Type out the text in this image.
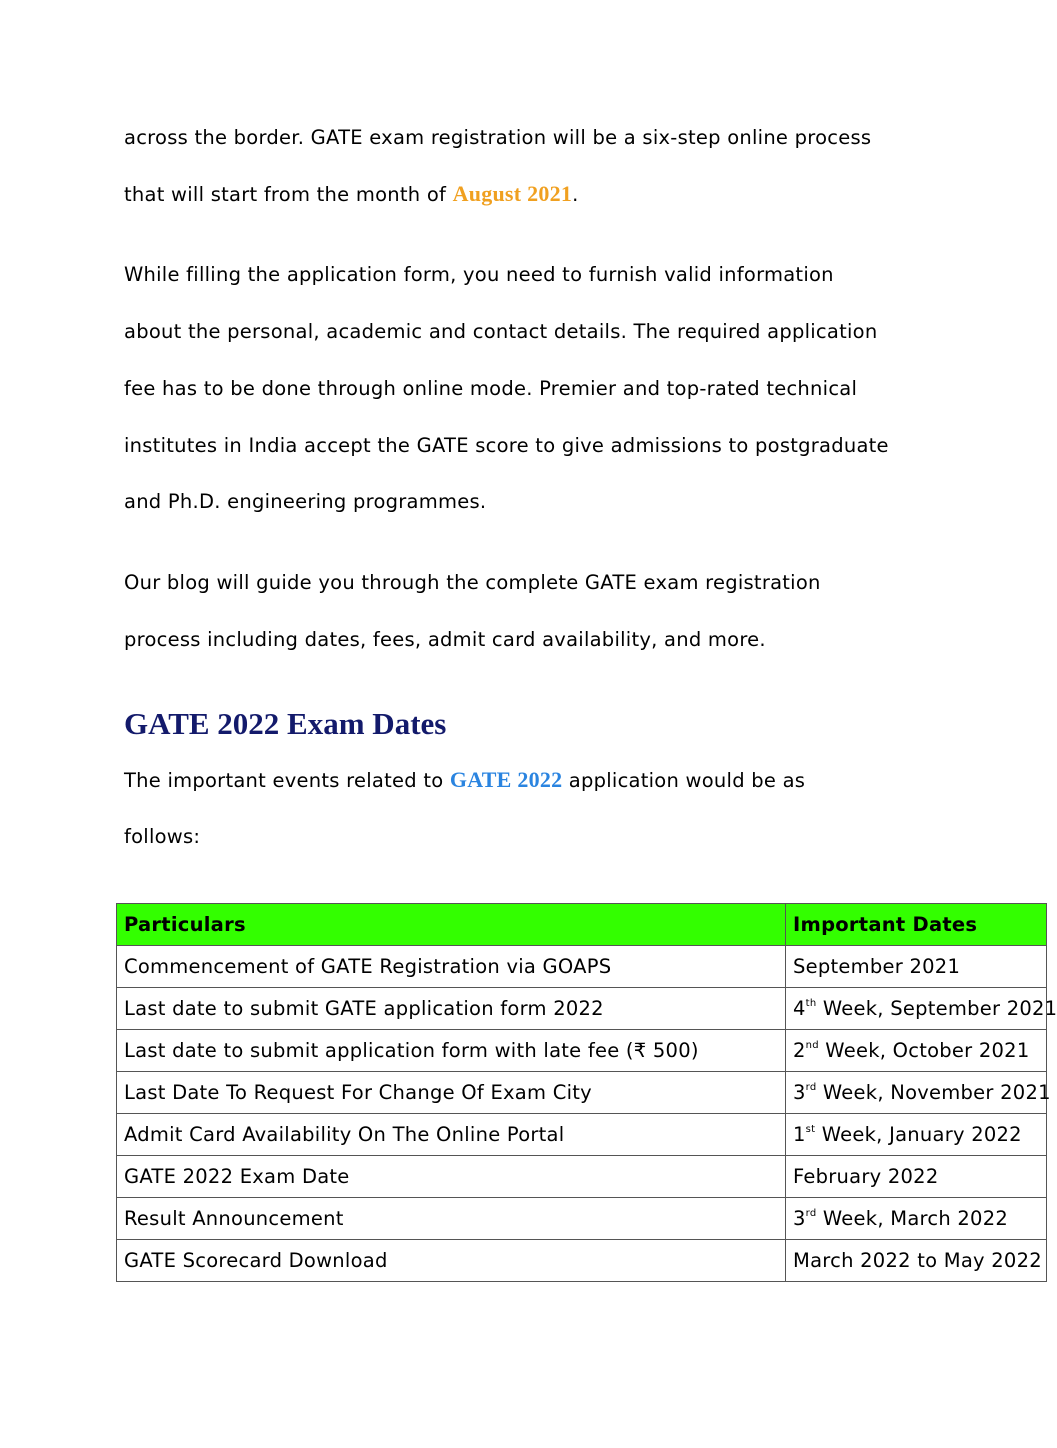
across the border. GATE exam registration will be a six-step online process
that will start from the month of August 2021.
While filling the application form, you need to furnish valid information
about the personal, academic and contact details. The required application
fee has to be done through online mode. Premier and top-rated technical
institutes in India accept the GATE score to give admissions to postgraduate
and Ph.D. engineering programmes.
Our blog will guide you through the complete GATE exam registration
process including dates, fees, admit card availability, and more.
GATE 2022 Exam Dates
The important events related to GATE 2022 application would be as
follows:
Particulars	Important Dates
Commencement of GATE Registration via GOAPS	September 2021
Last date to submit GATE application form 2022	4th Week, September 2021
Last date to submit application form with late fee (₹ 500)	2nd Week, October 2021
Last Date To Request For Change Of Exam City	3rd Week, November 2021
Admit Card Availability On The Online Portal	1st Week, January 2022
GATE 2022 Exam Date	February 2022
Result Announcement	3rd Week, March 2022
GATE Scorecard Download	March 2022 to May 2022
